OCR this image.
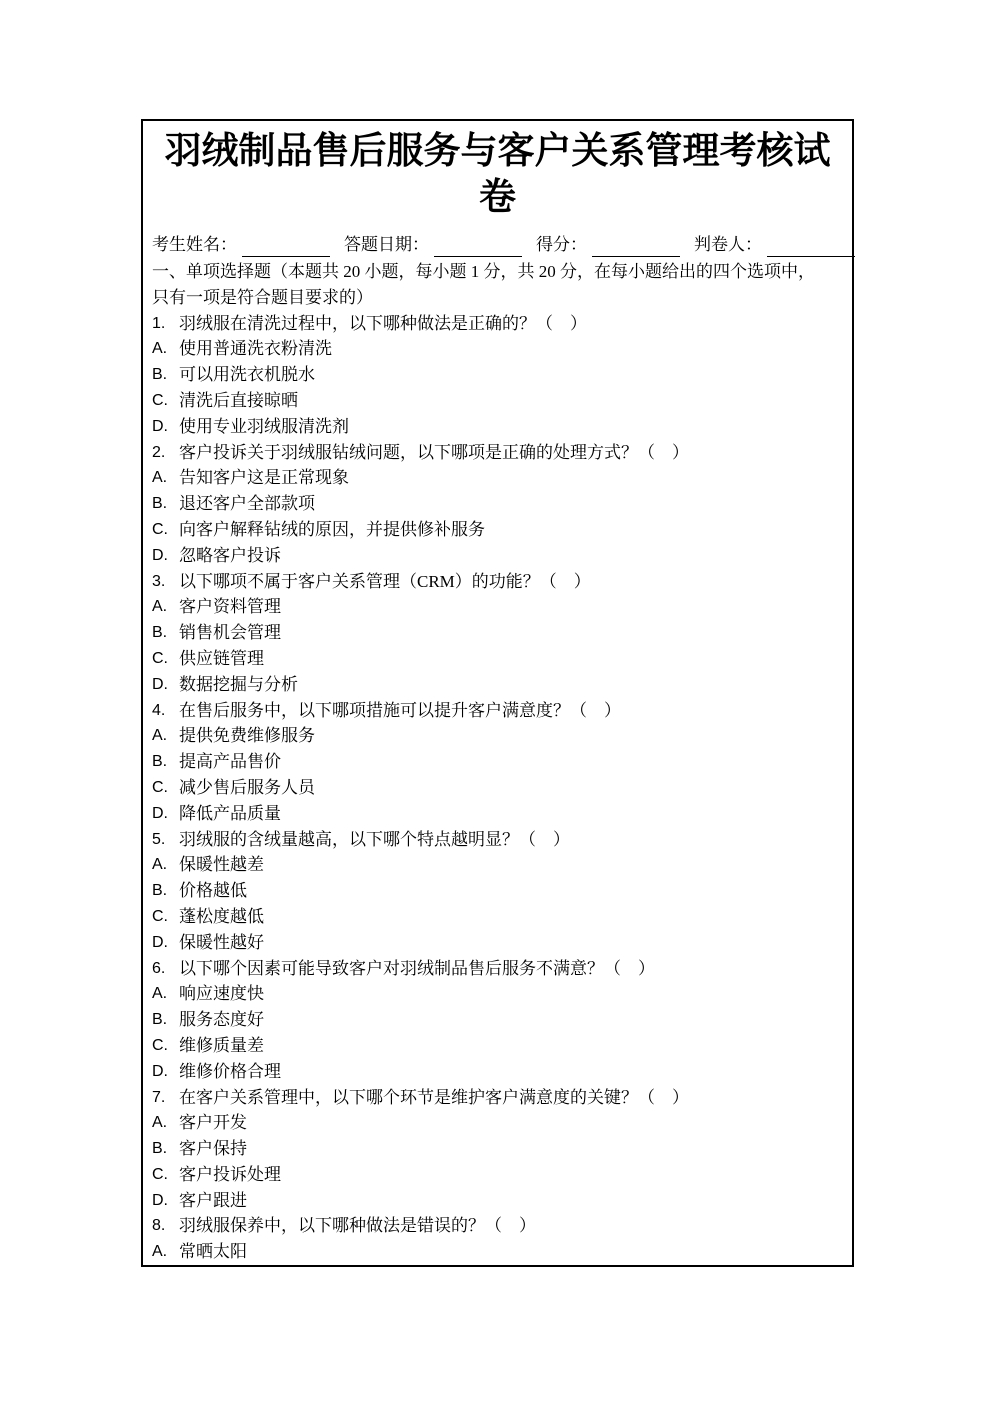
羽绒制品售后服务与客户关系管理考核试卷
考生姓名：	答题日期：	得分：	判卷人：
一、单项选择题（本题共 20 小题，每小题 1 分，共 20 分，在每小题给出的四个选项中，
只有一项是符合题目要求的）
1. 羽绒服在清洗过程中，以下哪种做法是正确的？（　）
A. 使用普通洗衣粉清洗
B. 可以用洗衣机脱水
C. 清洗后直接晾晒
D. 使用专业羽绒服清洗剂
2. 客户投诉关于羽绒服钻绒问题，以下哪项是正确的处理方式？（　）
A. 告知客户这是正常现象
B. 退还客户全部款项
C. 向客户解释钻绒的原因，并提供修补服务
D. 忽略客户投诉
3. 以下哪项不属于客户关系管理（CRM）的功能？（　）
A. 客户资料管理
B. 销售机会管理
C. 供应链管理
D. 数据挖掘与分析
4. 在售后服务中，以下哪项措施可以提升客户满意度？（　）
A. 提供免费维修服务
B. 提高产品售价
C. 减少售后服务人员
D. 降低产品质量
5. 羽绒服的含绒量越高，以下哪个特点越明显？（　）
A. 保暖性越差
B. 价格越低
C. 蓬松度越低
D. 保暖性越好
6. 以下哪个因素可能导致客户对羽绒制品售后服务不满意？（　）
A. 响应速度快
B. 服务态度好
C. 维修质量差
D. 维修价格合理
7. 在客户关系管理中，以下哪个环节是维护客户满意度的关键？（　）
A. 客户开发
B. 客户保持
C. 客户投诉处理
D. 客户跟进
8. 羽绒服保养中，以下哪种做法是错误的？（　）
A. 常晒太阳
